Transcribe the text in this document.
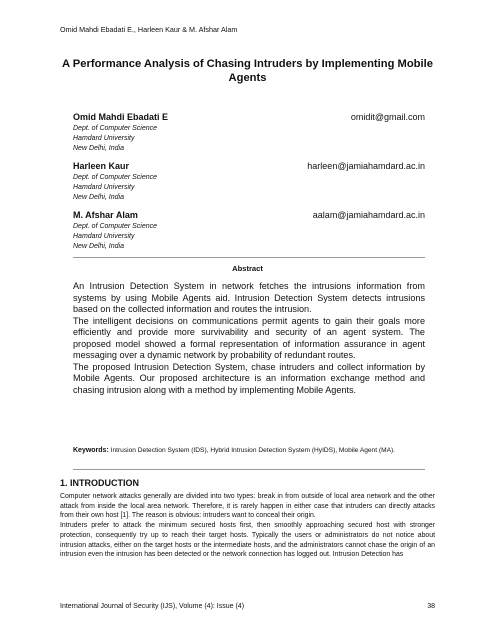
Omid Mahdi Ebadati E., Harleen Kaur & M. Afshar Alam
A Performance Analysis of Chasing Intruders by Implementing Mobile Agents
Omid Mahdi Ebadati E	omidit@gmail.com
Dept. of Computer Science
Hamdard University
New Delhi, India
Harleen Kaur	harleen@jamiahamdard.ac.in
Dept. of Computer Science
Hamdard University
New Delhi, India
M. Afshar Alam	aalam@jamiahamdard.ac.in
Dept. of Computer Science
Hamdard University
New Delhi, India
Abstract

An Intrusion Detection System in network fetches the intrusions information from systems by using Mobile Agents aid. Intrusion Detection System detects intrusions based on the collected information and routes the intrusion.

The intelligent decisions on communications permit agents to gain their goals more efficiently and provide more survivability and security of an agent system. The proposed model showed a formal representation of information assurance in agent messaging over a dynamic network by probability of redundant routes.

The proposed Intrusion Detection System, chase intruders and collect information by Mobile Agents. Our proposed architecture is an information exchange method and chasing intrusion along with a method by implementing Mobile Agents.

Keywords: Intrusion Detection System (IDS), Hybrid Intrusion Detection System (HyIDS), Mobile Agent (MA).
1. INTRODUCTION

Computer network attacks generally are divided into two types: break in from outside of local area network and the other attack from inside the local area network. Therefore, it is rarely happen in either case that intruders can directly attacks from their own host [1]. The reason is obvious: intruders want to conceal their origin.

Intruders prefer to attack the minimum secured hosts first, then smoothly approaching secured host with stronger protection, consequently try up to reach their target hosts. Typically the users or administrators do not notice about intrusion attacks, either on the target hosts or the intermediate hosts, and the administrators cannot chase the origin of an intrusion even the intrusion has been detected or the network connection has logged out. Intrusion Detection has

International Journal of Security (IJS), Volume (4): Issue (4)	38
